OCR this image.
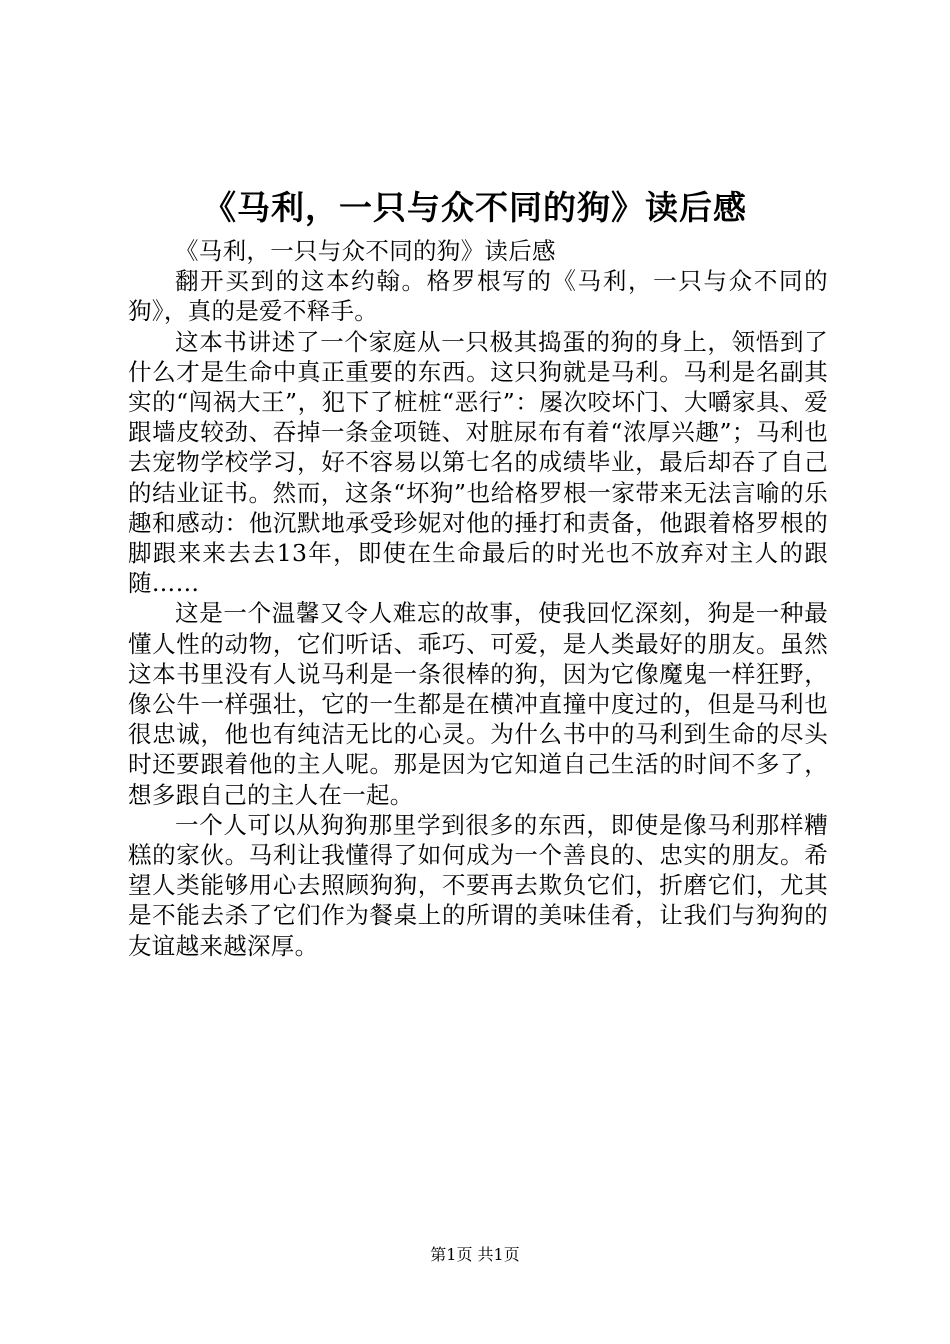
《马利，一只与众不同的狗》读后感

《马利，一只与众不同的狗》读后感

翻开买到的这本约翰。格罗根写的《马利，一只与众不同的狗》，真的是爱不释手。

这本书讲述了一个家庭从一只极其捣蛋的狗的身上，领悟到了什么才是生命中真正重要的东西。这只狗就是马利。马利是名副其实的“闯祸大王”，犯下了桩桩“恶行”：屡次咬坏门、大嚼家具、爱跟墙皮较劲、吞掉一条金项链、对脏尿布有着“浓厚兴趣”；马利也去宠物学校学习，好不容易以第七名的成绩毕业，最后却吞了自己的结业证书。然而，这条“坏狗”也给格罗根一家带来无法言喻的乐趣和感动：他沉默地承受珍妮对他的捶打和责备，他跟着格罗根的脚跟来来去去13年，即使在生命最后的时光也不放弃对主人的跟随……

这是一个温馨又令人难忘的故事，使我回忆深刻，狗是一种最懂人性的动物，它们听话、乖巧、可爱，是人类最好的朋友。虽然这本书里没有人说马利是一条很棒的狗，因为它像魔鬼一样狂野，像公牛一样强壮，它的一生都是在横冲直撞中度过的，但是马利也很忠诚，他也有纯洁无比的心灵。为什么书中的马利到生命的尽头时还要跟着他的主人呢。那是因为它知道自己生活的时间不多了，想多跟自己的主人在一起。

一个人可以从狗狗那里学到很多的东西，即使是像马利那样糟糕的家伙。马利让我懂得了如何成为一个善良的、忠实的朋友。希望人类能够用心去照顾狗狗，不要再去欺负它们，折磨它们，尤其是不能去杀了它们作为餐桌上的所谓的美味佳肴，让我们与狗狗的友谊越来越深厚。

第1页 共1页
